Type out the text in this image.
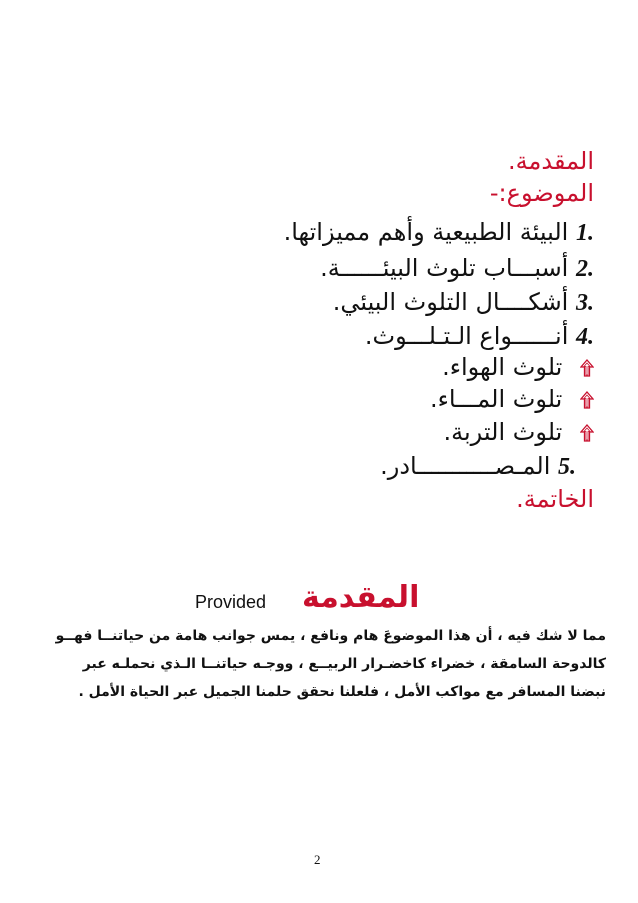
المقدمة.
الموضوع:-
.1 البيئة الطبيعية وأهم مميزاتها.
.2 أسبـــاب تلوث البيئــــــة.
.3 أشكــــال التلوث البيئي.
.4 أنــــــواع الـتـلـــوث.
تلوث الهواء.
تلوث المـــاء.
تلوث التربة.
.5 المـصـــــــــــادر.
الخاتمة.
المقدمة
Provided
مما لا شك فيه ، أن هذا الموضوعَ هام ونافع ، يمس جوانب هامة من حياتنــا فهــو
كالدوحة السامقة ، خضراء كاخضـرار الربيــع ، ووجـه حياتنــا الـذي نحملـه عبر
نبضنا المسافر مع مواكب الأمل ، فلعلنا نحقق حلمنا الجميل عبر الحياة الأمل .
2
